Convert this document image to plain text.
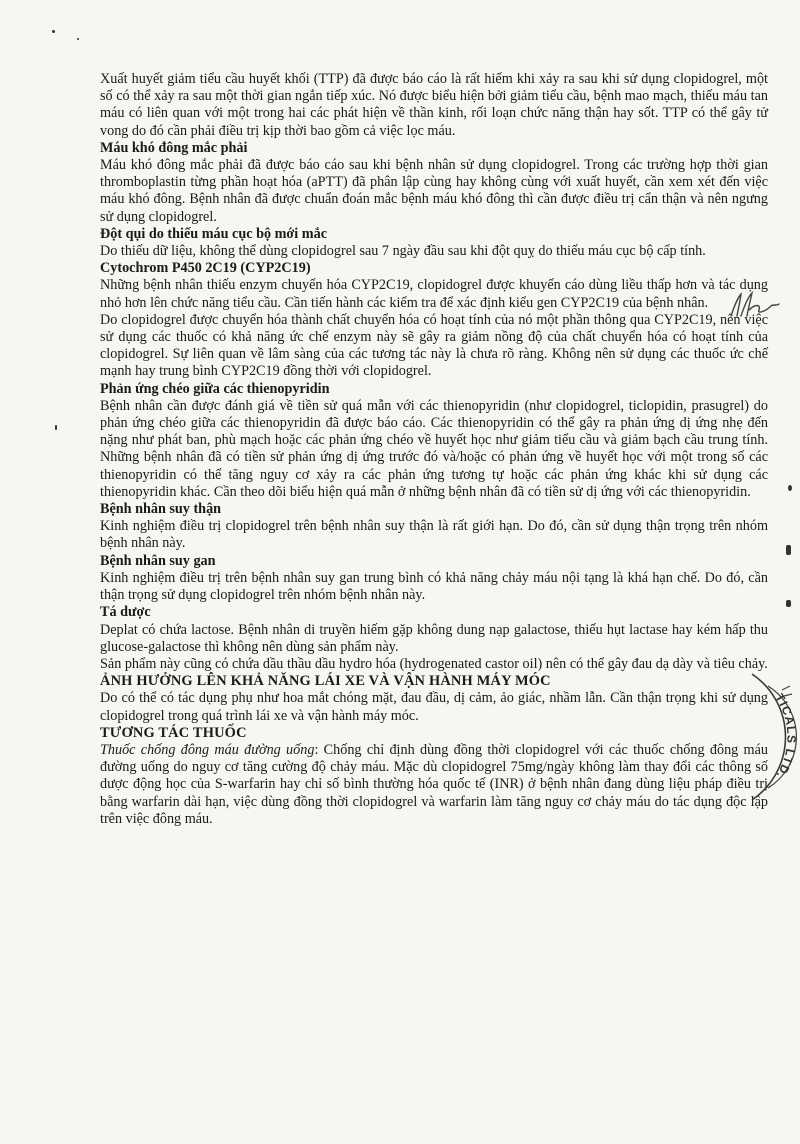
Xuất huyết giảm tiểu cầu huyết khối (TTP) đã được báo cáo là rất hiếm khi xảy ra sau khi sử dụng clopidogrel, một số có thể xảy ra sau một thời gian ngắn tiếp xúc. Nó được biểu hiện bởi giảm tiểu cầu, bệnh mao mạch, thiếu máu tan máu có liên quan với một trong hai các phát hiện về thần kinh, rối loạn chức năng thận hay sốt. TTP có thể gây tử vong do đó cần phải điều trị kịp thời bao gồm cả việc lọc máu.

Máu khó đông mắc phải

Máu khó đông mắc phải đã được báo cáo sau khi bệnh nhân sử dụng clopidogrel. Trong các trường hợp thời gian thromboplastin từng phần hoạt hóa (aPTT) đã phân lập cùng hay không cùng với xuất huyết, cần xem xét đến việc máu khó đông. Bệnh nhân đã được chuẩn đoán mắc bệnh máu khó đông thì cần được điều trị cẩn thận và nên ngưng sử dụng clopidogrel.

Đột qụi do thiếu máu cục bộ mới mắc

Do thiếu dữ liệu, không thể dùng clopidogrel sau 7 ngày đầu sau khi đột quỵ do thiếu máu cục bộ cấp tính.

Cytochrom P450 2C19 (CYP2C19)

Những bệnh nhân thiếu enzym chuyển hóa CYP2C19, clopidogrel được khuyến cáo dùng liều thấp hơn và tác dụng nhỏ hơn lên chức năng tiểu cầu. Cần tiến hành các kiểm tra để xác định kiểu gen CYP2C19 của bệnh nhân.

Do clopidogrel được chuyển hóa thành chất chuyển hóa có hoạt tính của nó một phần thông qua CYP2C19, nên việc sử dụng các thuốc có khả năng ức chế enzym này sẽ gây ra giảm nồng độ của chất chuyển hóa có hoạt tính của clopidogrel. Sự liên quan về lâm sàng của các tương tác này là chưa rõ ràng. Không nên sử dụng các thuốc ức chế mạnh hay trung bình CYP2C19 đồng thời với clopidogrel.

Phản ứng chéo giữa các thienopyridin

Bệnh nhân cần được đánh giá về tiền sử quá mẫn với các thienopyridin (như clopidogrel, ticlopidin, prasugrel) do phản ứng chéo giữa các thienopyridin đã được báo cáo. Các thienopyridin có thể gây ra phản ứng dị ứng nhẹ đến nặng như phát ban, phù mạch hoặc các phản ứng chéo về huyết học như giảm tiểu cầu và giảm bạch cầu trung tính. Những bệnh nhân đã có tiền sử phản ứng dị ứng trước đó và/hoặc có phản ứng về huyết học với một trong số các thienopyridin có thể tăng nguy cơ xảy ra các phản ứng tương tự hoặc các phản ứng khác khi sử dụng các thienopyridin khác. Cần theo dõi biểu hiện quá mẫn ở những bệnh nhân đã có tiền sử dị ứng với các thienopyridin.

Bệnh nhân suy thận

Kinh nghiệm điều trị clopidogrel trên bệnh nhân suy thận là rất giới hạn. Do đó, cần sử dụng thận trọng trên nhóm bệnh nhân này.

Bệnh nhân suy gan

Kinh nghiệm điều trị trên bệnh nhân suy gan trung bình có khả năng chảy máu nội tạng là khá hạn chế. Do đó, cần thận trọng sử dụng clopidogrel trên nhóm bệnh nhân này.

Tá dược

Deplat có chứa lactose. Bệnh nhân di truyền hiếm gặp không dung nạp galactose, thiếu hụt lactase hay kém hấp thu glucose-galactose thì không nên dùng sản phẩm này.

Sản phẩm này cũng có chứa dầu thầu dầu hydro hóa (hydrogenated castor oil) nên có thể gây đau dạ dày và tiêu chảy.

ẢNH HƯỞNG LÊN KHẢ NĂNG LÁI XE VÀ VẬN HÀNH MÁY MÓC

Do có thể có tác dụng phụ như hoa mắt chóng mặt, đau đầu, dị cảm, ảo giác, nhầm lẫn. Cần thận trọng khi sử dụng clopidogrel trong quá trình lái xe và vận hành máy móc.

TƯƠNG TÁC THUỐC

Thuốc chống đông máu đường uống: Chống chỉ định dùng đồng thời clopidogrel với các thuốc chống đông máu đường uống do nguy cơ tăng cường độ chảy máu. Mặc dù clopidogrel 75mg/ngày không làm thay đổi các thông số dược động học của S-warfarin hay chỉ số bình thường hóa quốc tế (INR) ở bệnh nhân đang dùng liệu pháp điều trị bằng warfarin dài hạn, việc dùng đồng thời clopidogrel và warfarin làm tăng nguy cơ chảy máu do tác dụng độc lập trên việc đông máu.

TICALS LTD.
